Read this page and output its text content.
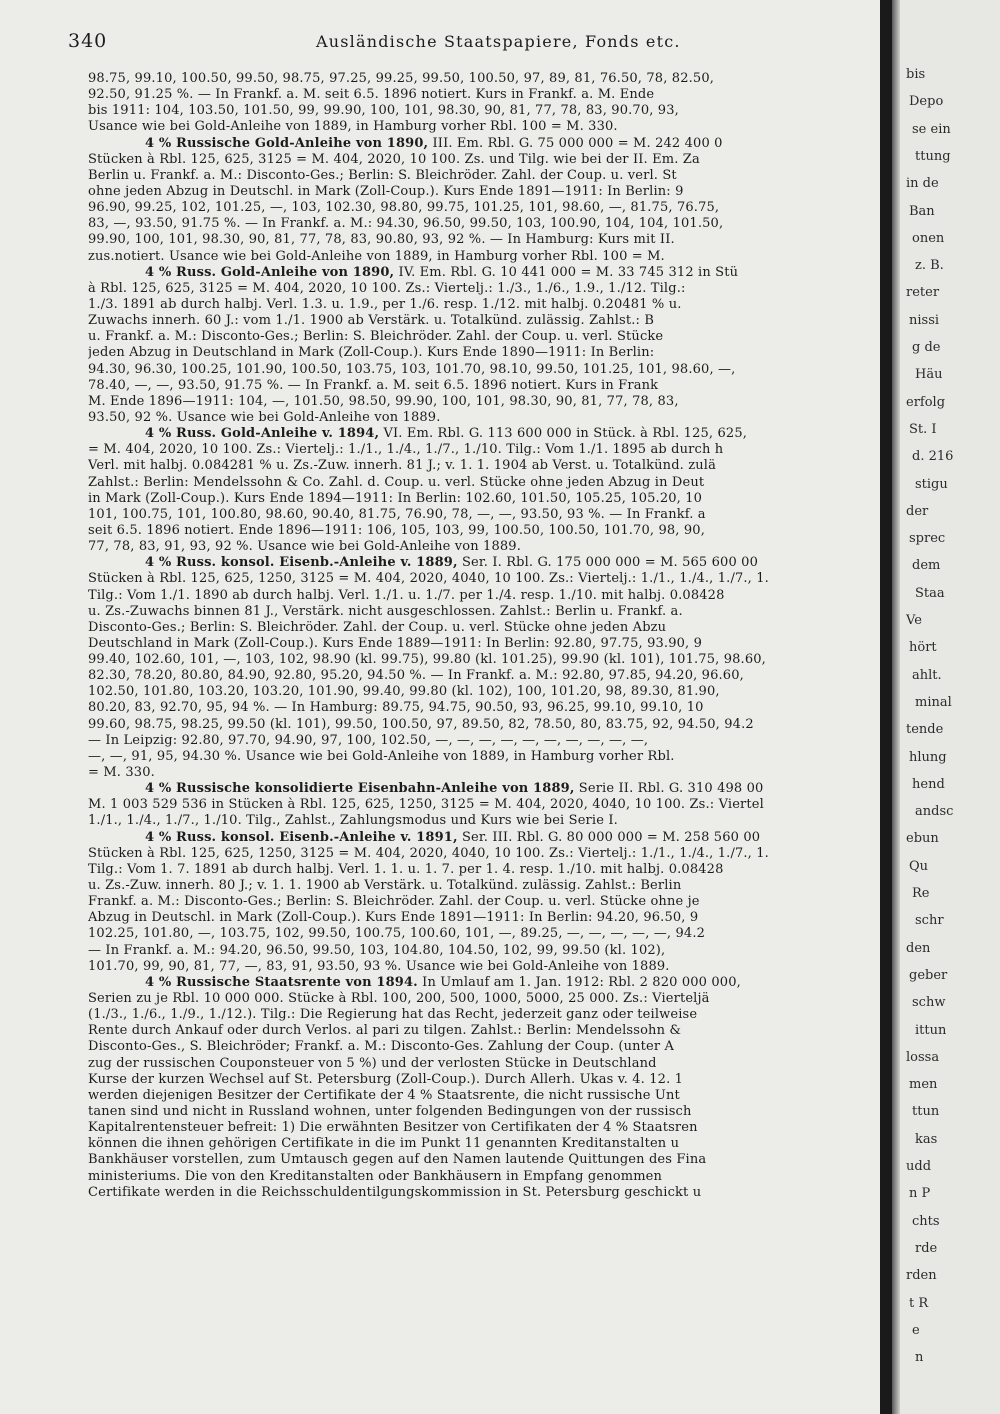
340	Ausländische Staatspapiere, Fonds etc.
98.75, 99.10, 100.50, 99.50, 98.75, 97.25, 99.25, 99.50, 100.50, 97, 89, 81, 76.50, 78, 82.50,
92.50, 91.25 %. — In Frankf. a. M. seit 6.5. 1896 notiert. Kurs in Frankf. a. M. Ende
bis 1911: 104, 103.50, 101.50, 99, 99.90, 100, 101, 98.30, 90, 81, 77, 78, 83, 90.70, 93,
Usance wie bei Gold-Anleihe von 1889, in Hamburg vorher Rbl. 100 = M. 330.
4 % Russische Gold-Anleihe von 1890, III. Em. Rbl. G. 75 000 000 = M. 242 400 0
Stücken à Rbl. 125, 625, 3125 = M. 404, 2020, 10 100. Zs. und Tilg. wie bei der II. Em. Za
Berlin u. Frankf. a. M.: Disconto-Ges.; Berlin: S. Bleichröder. Zahl. der Coup. u. verl. St
ohne jeden Abzug in Deutschl. in Mark (Zoll-Coup.). Kurs Ende 1891—1911: In Berlin: 9
96.90, 99.25, 102, 101.25, —, 103, 102.30, 98.80, 99.75, 101.25, 101, 98.60, —, 81.75, 76.75,
83, —, 93.50, 91.75 %. — In Frankf. a. M.: 94.30, 96.50, 99.50, 103, 100.90, 104, 104, 101.50,
99.90, 100, 101, 98.30, 90, 81, 77, 78, 83, 90.80, 93, 92 %. — In Hamburg: Kurs mit II.
zus.notiert. Usance wie bei Gold-Anleihe von 1889, in Hamburg vorher Rbl. 100 = M.
4 % Russ. Gold-Anleihe von 1890, IV. Em. Rbl. G. 10 441 000 = M. 33 745 312 in Stü
à Rbl. 125, 625, 3125 = M. 404, 2020, 10 100. Zs.: Viertelj.: 1./3., 1./6., 1.9., 1./12. Tilg.:
1./3. 1891 ab durch halbj. Verl. 1.3. u. 1.9., per 1./6. resp. 1./12. mit halbj. 0.20481 % u.
Zuwachs innerh. 60 J.: vom 1./1. 1900 ab Verstärk. u. Totalkünd. zulässig. Zahlst.: B
u. Frankf. a. M.: Disconto-Ges.; Berlin: S. Bleichröder. Zahl. der Coup. u. verl. Stücke
jeden Abzug in Deutschland in Mark (Zoll-Coup.). Kurs Ende 1890—1911: In Berlin:
94.30, 96.30, 100.25, 101.90, 100.50, 103.75, 103, 101.70, 98.10, 99.50, 101.25, 101, 98.60, —,
78.40, —, —, 93.50, 91.75 %. — In Frankf. a. M. seit 6.5. 1896 notiert. Kurs in Frank
M. Ende 1896—1911: 104, —, 101.50, 98.50, 99.90, 100, 101, 98.30, 90, 81, 77, 78, 83,
93.50, 92 %. Usance wie bei Gold-Anleihe von 1889.
4 % Russ. Gold-Anleihe v. 1894, VI. Em. Rbl. G. 113 600 000 in Stück. à Rbl. 125, 625,
= M. 404, 2020, 10 100. Zs.: Viertelj.: 1./1., 1./4., 1./7., 1./10. Tilg.: Vom 1./1. 1895 ab durch h
Verl. mit halbj. 0.084281 % u. Zs.-Zuw. innerh. 81 J.; v. 1. 1. 1904 ab Verst. u. Totalkünd. zulä
Zahlst.: Berlin: Mendelssohn & Co. Zahl. d. Coup. u. verl. Stücke ohne jeden Abzug in Deut
in Mark (Zoll-Coup.). Kurs Ende 1894—1911: In Berlin: 102.60, 101.50, 105.25, 105.20, 10
101, 100.75, 101, 100.80, 98.60, 90.40, 81.75, 76.90, 78, —, —, 93.50, 93 %. — In Frankf. a
seit 6.5. 1896 notiert. Ende 1896—1911: 106, 105, 103, 99, 100.50, 100.50, 101.70, 98, 90,
77, 78, 83, 91, 93, 92 %. Usance wie bei Gold-Anleihe von 1889.
4 % Russ. konsol. Eisenb.-Anleihe v. 1889, Ser. I. Rbl. G. 175 000 000 = M. 565 600 00
Stücken à Rbl. 125, 625, 1250, 3125 = M. 404, 2020, 4040, 10 100. Zs.: Viertelj.: 1./1., 1./4., 1./7., 1.
Tilg.: Vom 1./1. 1890 ab durch halbj. Verl. 1./1. u. 1./7. per 1./4. resp. 1./10. mit halbj. 0.08428
u. Zs.-Zuwachs binnen 81 J., Verstärk. nicht ausgeschlossen. Zahlst.: Berlin u. Frankf. a.
Disconto-Ges.; Berlin: S. Bleichröder. Zahl. der Coup. u. verl. Stücke ohne jeden Abzu
Deutschland in Mark (Zoll-Coup.). Kurs Ende 1889—1911: In Berlin: 92.80, 97.75, 93.90, 9
99.40, 102.60, 101, —, 103, 102, 98.90 (kl. 99.75), 99.80 (kl. 101.25), 99.90 (kl. 101), 101.75, 98.60,
82.30, 78.20, 80.80, 84.90, 92.80, 95.20, 94.50 %. — In Frankf. a. M.: 92.80, 97.85, 94.20, 96.60,
102.50, 101.80, 103.20, 103.20, 101.90, 99.40, 99.80 (kl. 102), 100, 101.20, 98, 89.30, 81.90,
80.20, 83, 92.70, 95, 94 %. — In Hamburg: 89.75, 94.75, 90.50, 93, 96.25, 99.10, 99.10, 10
99.60, 98.75, 98.25, 99.50 (kl. 101), 99.50, 100.50, 97, 89.50, 82, 78.50, 80, 83.75, 92, 94.50, 94.2
— In Leipzig: 92.80, 97.70, 94.90, 97, 100, 102.50, —, —, —, —, —, —, —, —, —, —,
—, —, 91, 95, 94.30 %. Usance wie bei Gold-Anleihe von 1889, in Hamburg vorher Rbl.
= M. 330.
4 % Russische konsolidierte Eisenbahn-Anleihe von 1889, Serie II. Rbl. G. 310 498 00
M. 1 003 529 536 in Stücken à Rbl. 125, 625, 1250, 3125 = M. 404, 2020, 4040, 10 100. Zs.: Viertel
1./1., 1./4., 1./7., 1./10. Tilg., Zahlst., Zahlungsmodus und Kurs wie bei Serie I.
4 % Russ. konsol. Eisenb.-Anleihe v. 1891, Ser. III. Rbl. G. 80 000 000 = M. 258 560 00
Stücken à Rbl. 125, 625, 1250, 3125 = M. 404, 2020, 4040, 10 100. Zs.: Viertelj.: 1./1., 1./4., 1./7., 1.
Tilg.: Vom 1. 7. 1891 ab durch halbj. Verl. 1. 1. u. 1. 7. per 1. 4. resp. 1./10. mit halbj. 0.08428
u. Zs.-Zuw. innerh. 80 J.; v. 1. 1. 1900 ab Verstärk. u. Totalkünd. zulässig. Zahlst.: Berlin
Frankf. a. M.: Disconto-Ges.; Berlin: S. Bleichröder. Zahl. der Coup. u. verl. Stücke ohne je
Abzug in Deutschl. in Mark (Zoll-Coup.). Kurs Ende 1891—1911: In Berlin: 94.20, 96.50, 9
102.25, 101.80, —, 103.75, 102, 99.50, 100.75, 100.60, 101, —, 89.25, —, —, —, —, —, 94.2
— In Frankf. a. M.: 94.20, 96.50, 99.50, 103, 104.80, 104.50, 102, 99, 99.50 (kl. 102),
101.70, 99, 90, 81, 77, —, 83, 91, 93.50, 93 %. Usance wie bei Gold-Anleihe von 1889.
4 % Russische Staatsrente von 1894. In Umlauf am 1. Jan. 1912: Rbl. 2 820 000 000,
Serien zu je Rbl. 10 000 000. Stücke à Rbl. 100, 200, 500, 1000, 5000, 25 000. Zs.: Vierteljä
(1./3., 1./6., 1./9., 1./12.). Tilg.: Die Regierung hat das Recht, jederzeit ganz oder teilweise
Rente durch Ankauf oder durch Verlos. al pari zu tilgen. Zahlst.: Berlin: Mendelssohn &
Disconto-Ges., S. Bleichröder; Frankf. a. M.: Disconto-Ges. Zahlung der Coup. (unter A
zug der russischen Couponsteuer von 5 %) und der verlosten Stücke in Deutschland
Kurse der kurzen Wechsel auf St. Petersburg (Zoll-Coup.). Durch Allerh. Ukas v. 4. 12. 1
werden diejenigen Besitzer der Certifikate der 4 % Staatsrente, die nicht russische Unt
tanen sind und nicht in Russland wohnen, unter folgenden Bedingungen von der russisch
Kapitalrentensteuer befreit: 1) Die erwähnten Besitzer von Certifikaten der 4 % Staatsren
können die ihnen gehörigen Certifikate in die im Punkt 11 genannten Kreditanstalten u
Bankhäuser vorstellen, zum Umtausch gegen auf den Namen lautende Quittungen des Fina
ministeriums. Die von den Kreditanstalten oder Bankhäusern in Empfang genommen
Certifikate werden in die Reichsschuldentilgungskommission in St. Petersburg geschickt u
bis
Depo
se ein
ttung
in de
Ban
onen
z. B.
reter
nissi
g de
Häu
erfolg
St. I
d. 216
stigu
der
sprec
dem
Staa
Ve
hört
ahlt.
minal
tende
hlung
hend
andsc
ebun
Qu
Re
schr
den
geber
schw
ittun
lossa
men
ttun
kas
udd
n P
chts
rde
rden
t R
e
n
